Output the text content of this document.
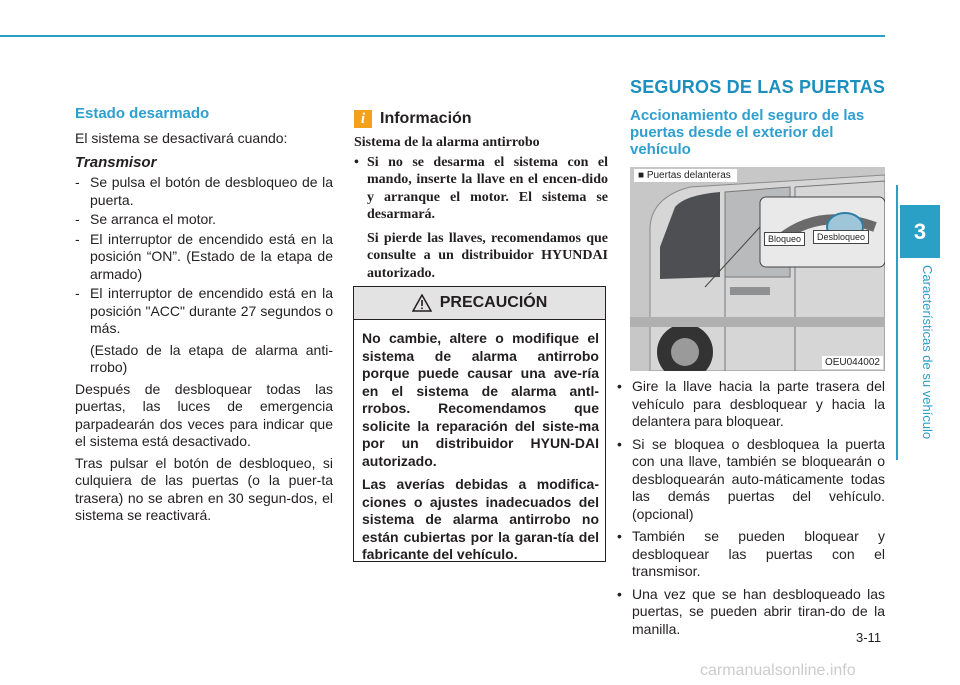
SEGUROS DE LAS PUERTAS
3
Características de su vehículo

Estado desarmado

El sistema se desactivará cuando:

Transmisor

- Se pulsa el botón de desbloqueo de la puerta.
- Se arranca el motor.
- El interruptor de encendido está en la posición “ON”. (Estado de la etapa de armado)
- El interruptor de encendido está en la posición "ACC" durante 27 segundos o más.

(Estado de la etapa de alarma anti-rrobo)

Después de desbloquear todas las puertas, las luces de emergencia parpadearán dos veces para indicar que el sistema está desactivado.

Tras pulsar el botón de desbloqueo, si culquiera de las puertas (o la puer-ta trasera) no se abren en 30 segun-dos, el sistema se reactivará.

i Información

Sistema de la alarma antirrobo

• Si no se desarma el sistema con el mando, inserte la llave en el encen-dido y arranque el motor. El sistema se desarmará.

Si pierde las llaves, recomendamos que consulte a un distribuidor HYUNDAI autorizado.

PRECAUCIÓN

No cambie, altere o modifique el sistema de alarma antirrobo porque puede causar una ave-ría en el sistema de alarma antl-rrobos. Recomendamos que solicite la reparación del siste-ma por un distribuidor HYUN-DAI autorizado.

Las averías debidas a modifica-ciones o ajustes inadecuados del sistema de alarma antirrobo no están cubiertas por la garan-tía del fabricante del vehículo.

Accionamiento del seguro de las puertas desde el exterior del vehículo

■ Puertas delanteras
Bloqueo	Desbloqueo
OEU044002
• Gire la llave hacia la parte trasera del vehículo para desbloquear y hacia la delantera para bloquear.
• Si se bloquea o desbloquea la puerta con una llave, también se bloquearán o desbloquearán auto-máticamente todas las demás puertas del vehículo. (opcional)
• También se pueden bloquear y desbloquear las puertas con el transmisor.
• Una vez que se han desbloqueado las puertas, se pueden abrir tiran-do de la manilla.
3-11
carmanualsonline.info
